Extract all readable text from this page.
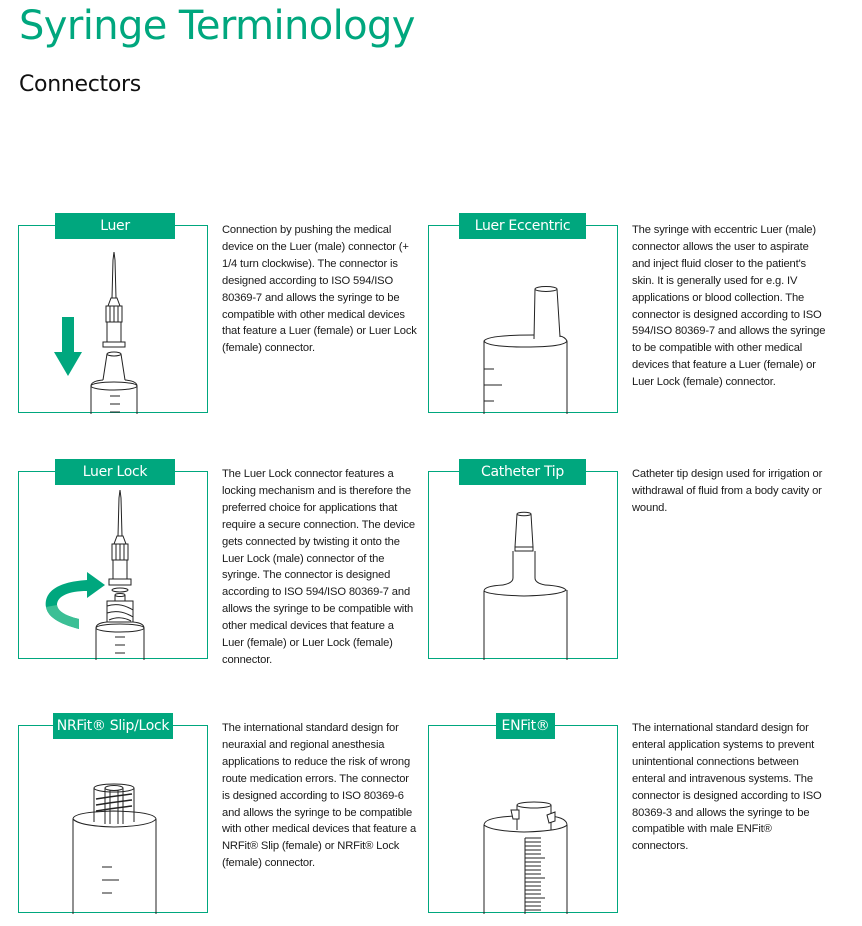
Syringe Terminology
Connectors
Luer	Connection by pushing the medical device on the Luer (male) connector (+ 1/4 turn clockwise). The connector is designed according to ISO 594/ISO 80369-7 and allows the syringe to be compatible with other medical devices that feature a Luer (female) or Luer Lock (female) connector.

Luer Eccentric	The syringe with eccentric Luer (male) connector allows the user to aspirate and inject fluid closer to the patient's skin. It is generally used for e.g. IV applications or blood collection. The connector is designed according to ISO 594/ISO 80369-7 and allows the syringe to be compatible with other medical devices that feature a Luer (female) or Luer Lock (female) connector.

Luer Lock	The Luer Lock connector features a locking mechanism and is therefore the preferred choice for applications that require a secure connection. The device gets connected by twisting it onto the Luer Lock (male) connector of the syringe. The connector is designed according to ISO 594/ISO 80369-7 and allows the syringe to be compatible with other medical devices that feature a Luer (female) or Luer Lock (female) connector.

Catheter Tip	Catheter tip design used for irrigation or withdrawal of fluid from a body cavity or wound.

NRFit® Slip/Lock	The international standard design for neuraxial and regional anesthesia applications to reduce the risk of wrong route medication errors. The connector is designed according to ISO 80369-6 and allows the syringe to be compatible with other medical devices that feature a NRFit® Slip (female) or NRFit® Lock (female) connector.

ENFit®	The international standard design for enteral application systems to prevent unintentional connections between enteral and intravenous systems. The connector is designed according to ISO 80369-3 and allows the syringe to be compatible with male ENFit® connectors.
